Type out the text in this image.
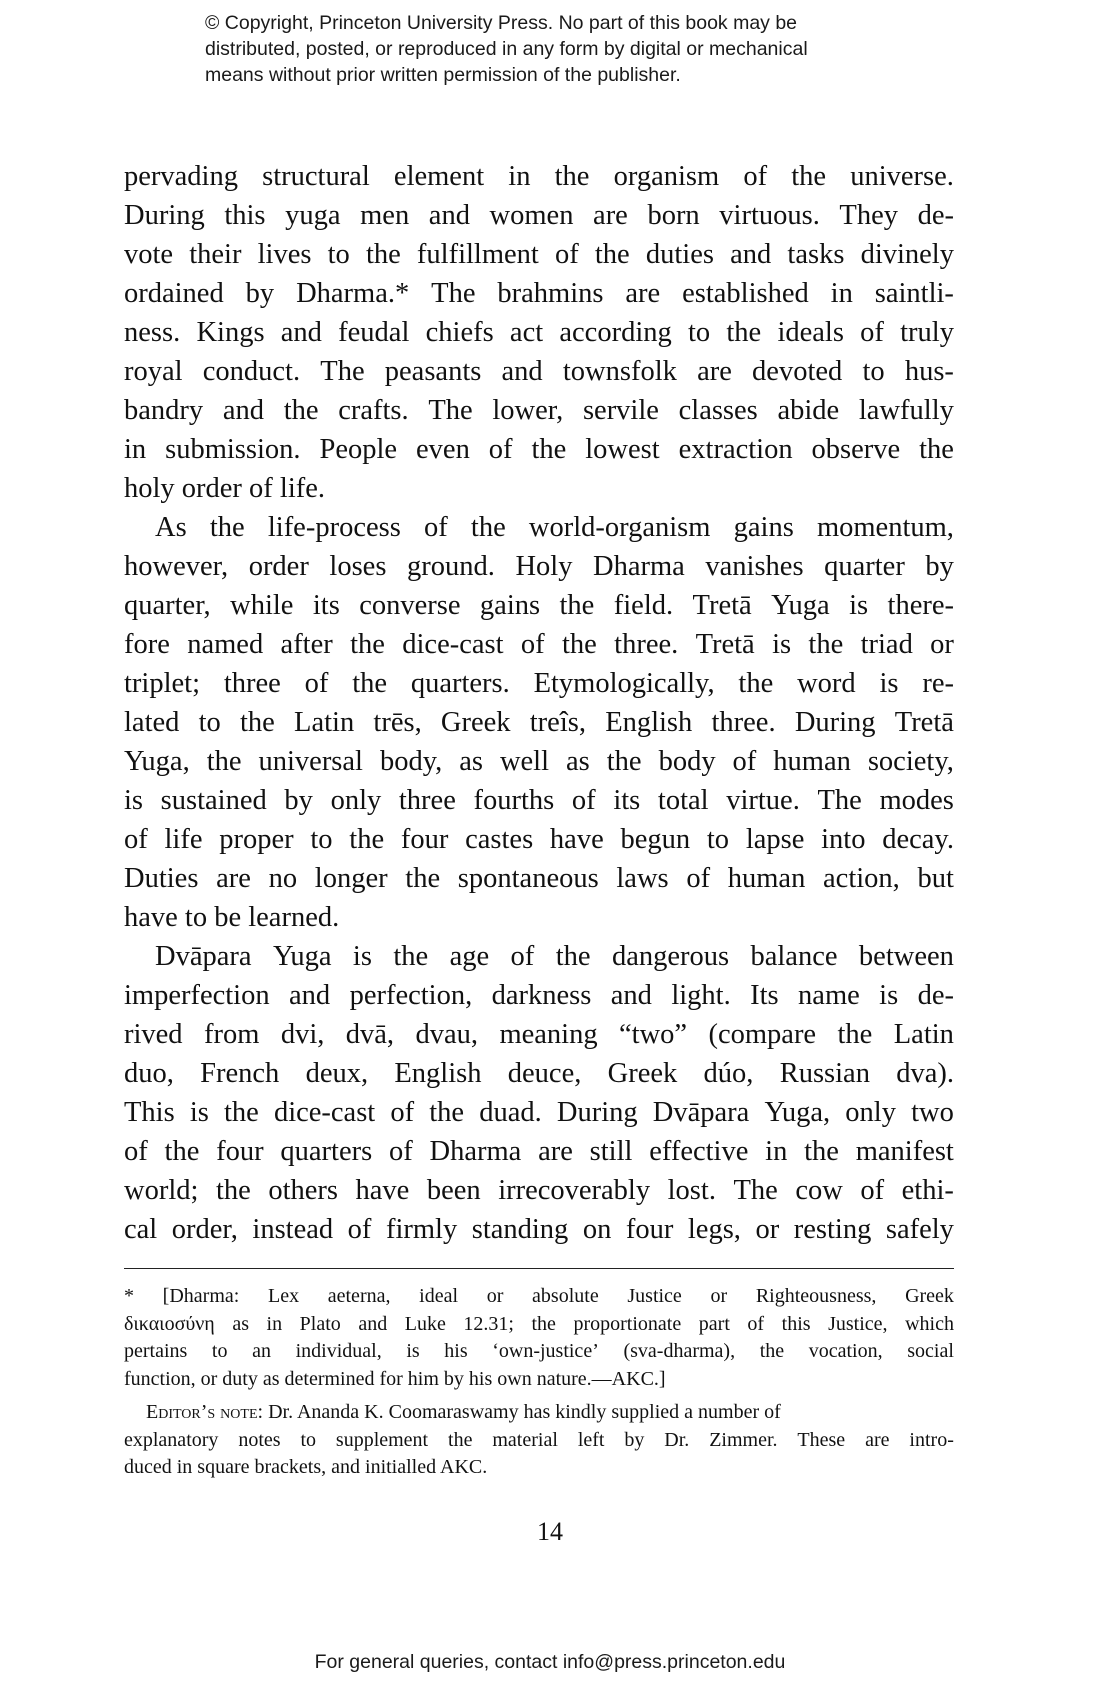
© Copyright, Princeton University Press. No part of this book may be
distributed, posted, or reproduced in any form by digital or mechanical
means without prior written permission of the publisher.
pervading structural element in the organism of the universe.
During this yuga men and women are born virtuous. They de-
vote their lives to the fulfillment of the duties and tasks divinely
ordained by Dharma.* The brahmins are established in saintli-
ness. Kings and feudal chiefs act according to the ideals of truly
royal conduct. The peasants and townsfolk are devoted to hus-
bandry and the crafts. The lower, servile classes abide lawfully
in submission. People even of the lowest extraction observe the
holy order of life.
As the life-process of the world-organism gains momentum,
however, order loses ground. Holy Dharma vanishes quarter by
quarter, while its converse gains the field. Tretā Yuga is there-
fore named after the dice-cast of the three. Tretā is the triad or
triplet; three of the quarters. Etymologically, the word is re-
lated to the Latin trēs, Greek treîs, English three. During Tretā
Yuga, the universal body, as well as the body of human society,
is sustained by only three fourths of its total virtue. The modes
of life proper to the four castes have begun to lapse into decay.
Duties are no longer the spontaneous laws of human action, but
have to be learned.
Dvāpara Yuga is the age of the dangerous balance between
imperfection and perfection, darkness and light. Its name is de-
rived from dvi, dvā, dvau, meaning “two” (compare the Latin
duo, French deux, English deuce, Greek dúo, Russian dva).
This is the dice-cast of the duad. During Dvāpara Yuga, only two
of the four quarters of Dharma are still effective in the manifest
world; the others have been irrecoverably lost. The cow of ethi-
cal order, instead of firmly standing on four legs, or resting safely
* [Dharma: Lex aeterna, ideal or absolute Justice or Righteousness, Greek
δικαιοσύνη as in Plato and Luke 12.31; the proportionate part of this Justice, which
pertains to an individual, is his ‘own-justice’ (sva-dharma), the vocation, social
function, or duty as determined for him by his own nature.—AKC.]
Editor’s note: Dr. Ananda K. Coomaraswamy has kindly supplied a number of
explanatory notes to supplement the material left by Dr. Zimmer. These are intro-
duced in square brackets, and initialled AKC.
14
For general queries, contact info@press.princeton.edu
